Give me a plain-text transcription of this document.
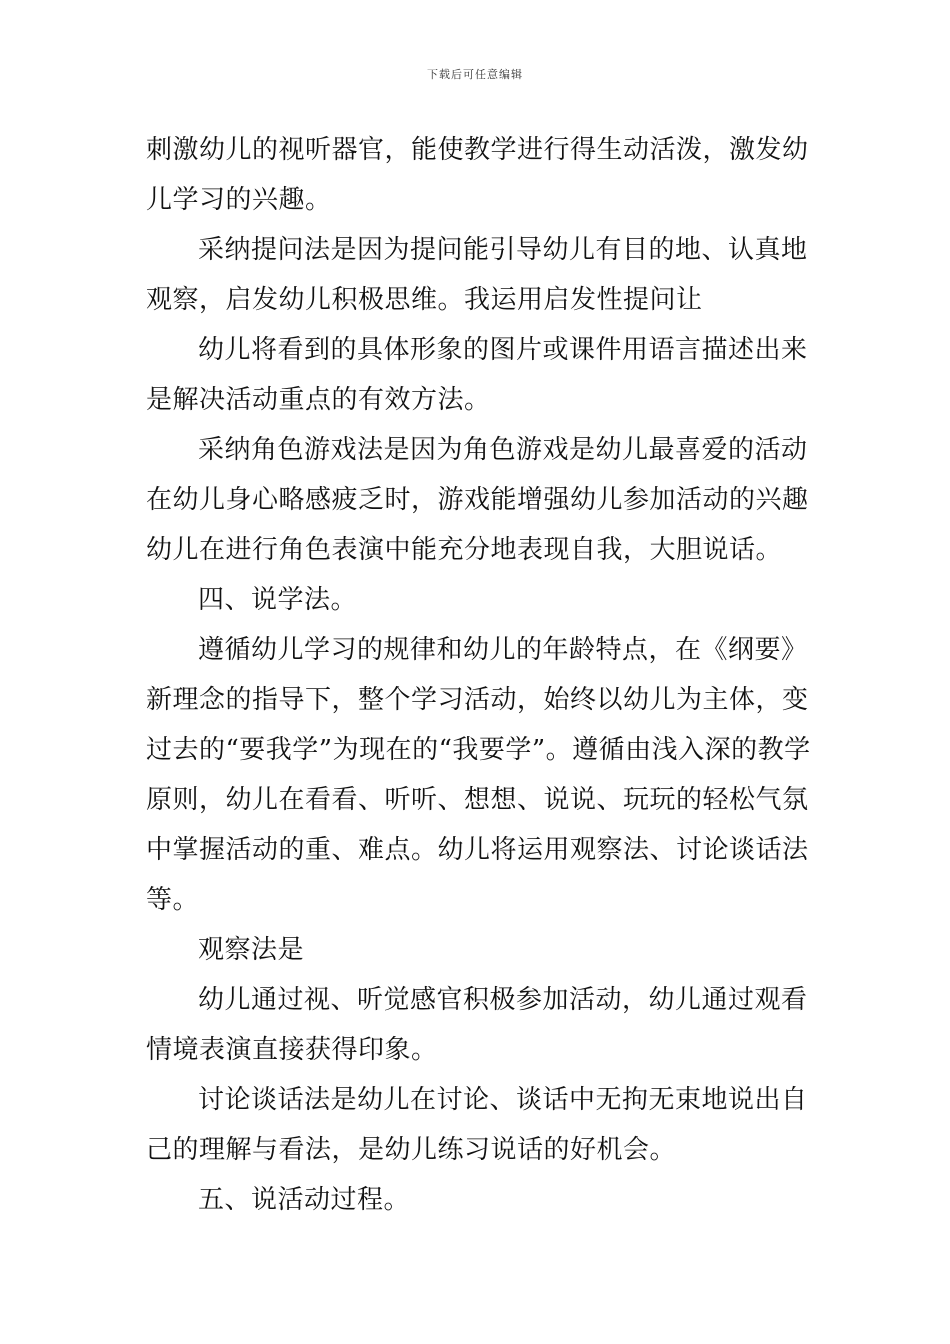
下载后可任意编辑

刺激幼儿的视听器官，能使教学进行得生动活泼，激发幼儿学习的兴趣。

采纳提问法是因为提问能引导幼儿有目的地、认真地观察，启发幼儿积极思维。我运用启发性提问让

幼儿将看到的具体形象的图片或课件用语言描述出来是解决活动重点的有效方法。

采纳角色游戏法是因为角色游戏是幼儿最喜爱的活动在幼儿身心略感疲乏时，游戏能增强幼儿参加活动的兴趣幼儿在进行角色表演中能充分地表现自我，大胆说话。

四、说学法。

遵循幼儿学习的规律和幼儿的年龄特点，在《纲要》新理念的指导下，整个学习活动，始终以幼儿为主体，变过去的“要我学”为现在的“我要学”。遵循由浅入深的教学原则，幼儿在看看、听听、想想、说说、玩玩的轻松气氛中掌握活动的重、难点。幼儿将运用观察法、讨论谈话法等。

观察法是

幼儿通过视、听觉感官积极参加活动，幼儿通过观看情境表演直接获得印象。

讨论谈话法是幼儿在讨论、谈话中无拘无束地说出自己的理解与看法，是幼儿练习说话的好机会。

五、说活动过程。
